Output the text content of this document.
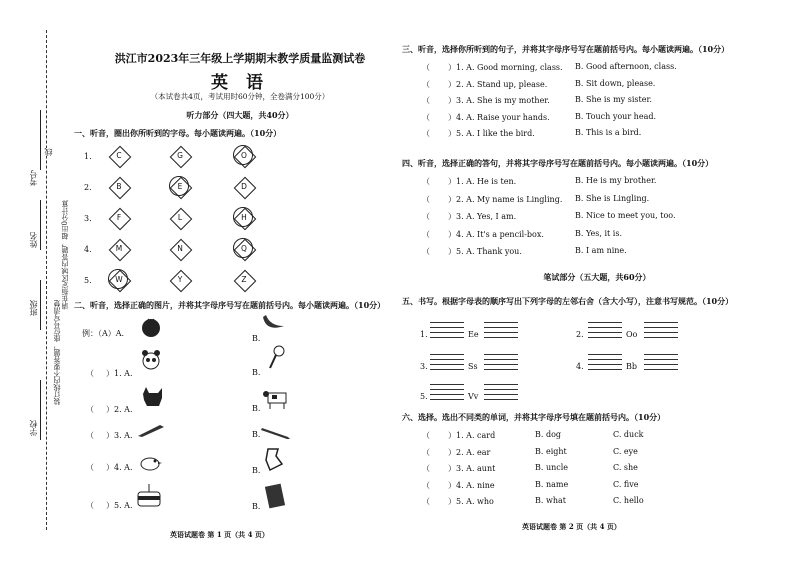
学校
班级
姓名
考号
装订线内不要答题，座位号写清楚
请在指定区域内答题，超出0分计算
线
洪江市2023年三年级上学期期末教学质量监测试卷
英 语
（本试卷共4页，考试用时60分钟，全卷满分100分）
听力部分（四大题，共40分）
一、听音，圈出你所听到的字母。每小题读两遍。（10分）
1.	C	G	O
2.	B	E	D
3.	F	L	H
4.	M	N	Q
5.	W	Y	Z
二、听音，选择正确的图片，并将其字母序号写在题前括号内。每小题读两遍。（10分）
例：（A）A.
B.
（ ）1. A.	B.
（ ）2. A.	B.
（ ）3. A.	B.
（ ）4. A.	B.
（ ）5. A.	B.
英语试题卷 第 1 页（共 4 页）
三、听音，选择你所听到的句子，并将其字母序号写在题前括号内。每小题读两遍。（10分）
（ ）1. A. Good morning, class. B. Good afternoon, class.
（ ）2. A. Stand up, please.	B. Sit down, please.
（ ）3. A. She is my mother.	B. She is my sister.
（ ）4. A. Raise your hands.	B. Touch your head.
（ ）5. A. I like the bird.	B. This is a bird.
四、听音，选择正确的答句，并将其字母序号写在题前括号内。每小题读两遍。（10分）
（ ）1. A. He is ten.	B. He is my brother.
（ ）2. A. My name is Lingling. B. She is Lingling.
（ ）3. A. Yes, I am.	B. Nice to meet you, too.
（ ）4. A. It's a pencil-box.	B. Yes, it is.
（ ）5. A. Thank you.	B. I am nine.
笔试部分（五大题，共60分）
五、书写。根据字母表的顺序写出下列字母的左邻右舍（含大小写），注意书写规范。（10分）
1.	Ee	2.	Oo
3.	Ss	4.	Bb
5.	Vv
六、选择。选出不同类的单词，并将其字母序号填在题前括号内。（10分）
（ ）1. A. card	B. dog	C. duck
（ ）2. A. ear	B. eight	C. eye
（ ）3. A. aunt	B. uncle	C. she
（ ）4. A. nine	B. name	C. five
（ ）5. A. who	B. what	C. hello
英语试题卷 第 2 页（共 4 页）
